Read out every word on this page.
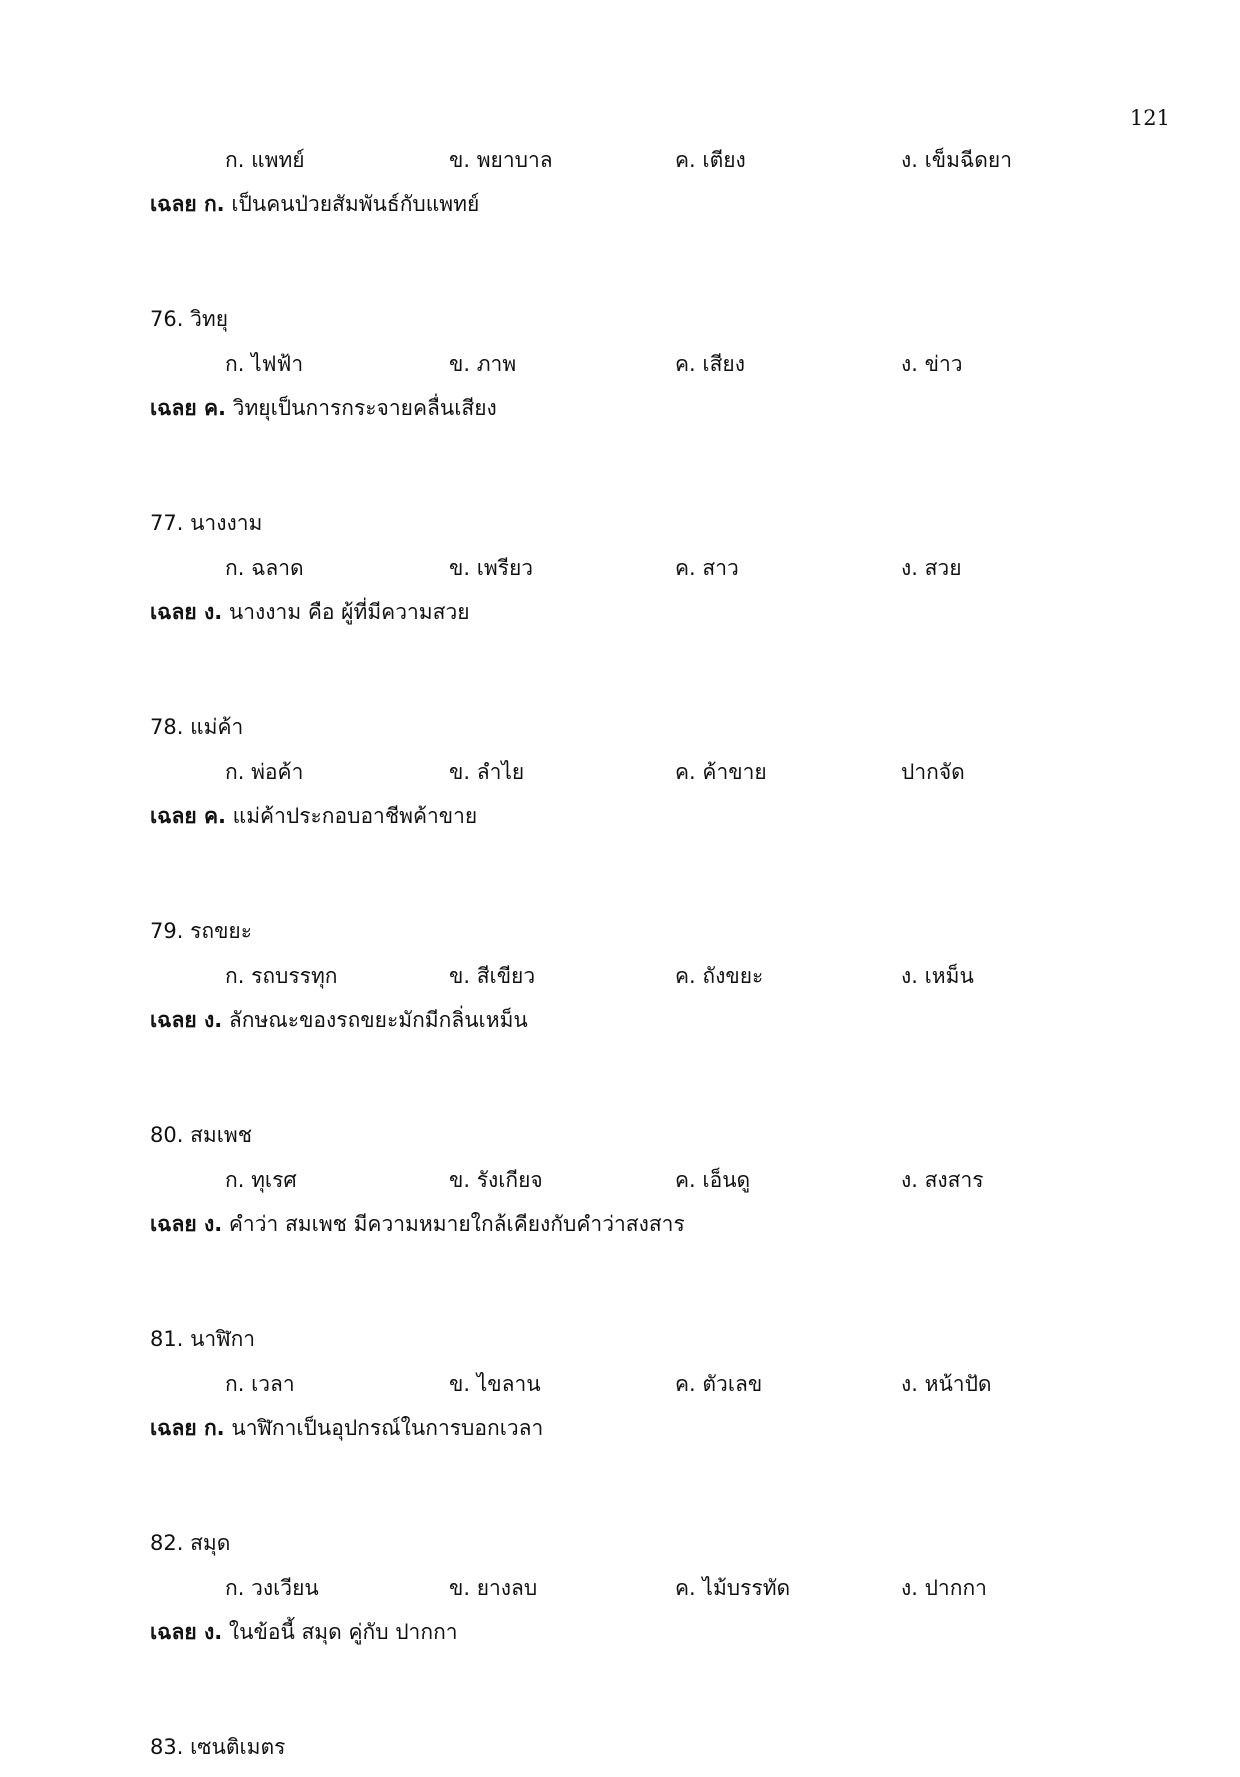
121
ก. แพทย์	ข. พยาบาล	ค. เตียง	ง. เข็มฉีดยา
เฉลย ก. เป็นคนป่วยสัมพันธ์กับแพทย์
76. วิทยุ
ก. ไฟฟ้า	ข. ภาพ	ค. เสียง	ง. ข่าว
เฉลย ค. วิทยุเป็นการกระจายคลื่นเสียง
77. นางงาม
ก. ฉลาด	ข. เพรียว	ค. สาว	ง. สวย
เฉลย ง. นางงาม คือ ผู้ที่มีความสวย
78. แม่ค้า
ก. พ่อค้า	ข. ลำไย	ค. ค้าขาย	ปากจัด
เฉลย ค. แม่ค้าประกอบอาชีพค้าขาย
79. รถขยะ
ก. รถบรรทุก	ข. สีเขียว	ค. ถังขยะ	ง. เหม็น
เฉลย ง. ลักษณะของรถขยะมักมีกลิ่นเหม็น
80. สมเพช
ก. ทุเรศ	ข. รังเกียจ	ค. เอ็นดู	ง. สงสาร
เฉลย ง. คำว่า สมเพช มีความหมายใกล้เคียงกับคำว่าสงสาร
81. นาฬิกา
ก. เวลา	ข. ไขลาน	ค. ตัวเลข	ง. หน้าปัด
เฉลย ก. นาฬิกาเป็นอุปกรณ์ในการบอกเวลา
82. สมุด
ก. วงเวียน	ข. ยางลบ	ค. ไม้บรรทัด	ง. ปากกา
เฉลย ง. ในข้อนี้ สมุด คู่กับ ปากกา
83. เซนติเมตร
